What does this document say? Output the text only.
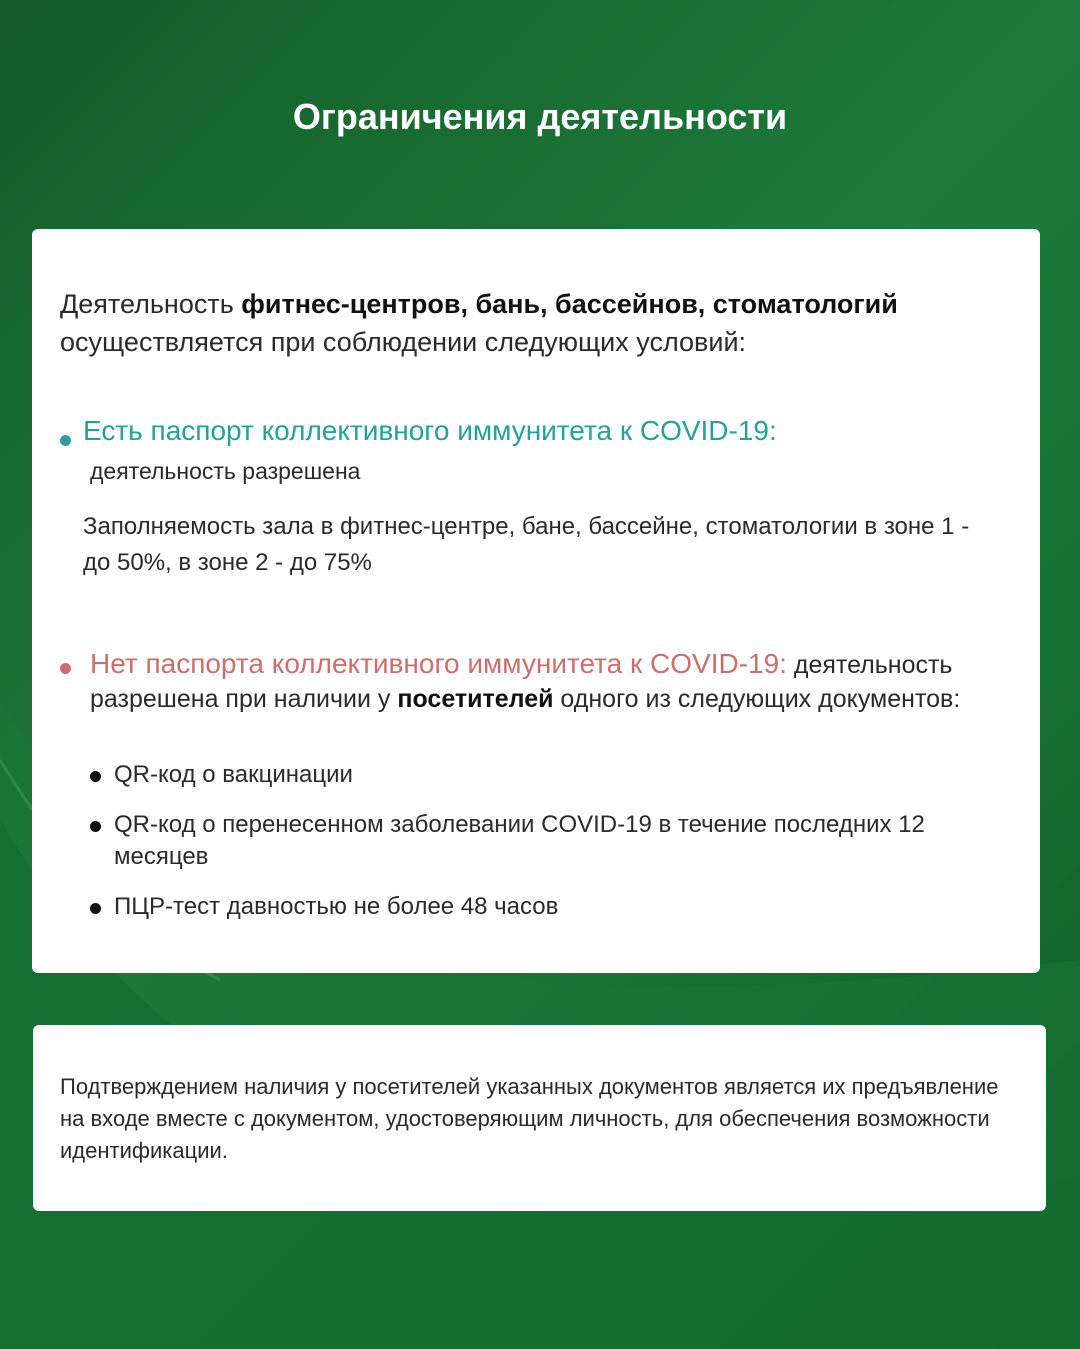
Ограничения деятельности
Деятельность фитнес-центров, бань, бассейнов, стоматологий осуществляется при соблюдении следующих условий:
Есть паспорт коллективного иммунитета к COVID-19:
деятельность разрешена
Заполняемость зала в фитнес-центре, бане, бассейне, стоматологии в зоне 1 - до 50%, в зоне 2 - до 75%
Нет паспорта коллективного иммунитета к COVID-19: деятельность разрешена при наличии у посетителей одного из следующих документов:
QR-код о вакцинации
QR-код о перенесенном заболевании COVID-19 в течение последних 12 месяцев
ПЦР-тест давностью не более 48 часов
Подтверждением наличия у посетителей указанных документов является их предъявление на входе вместе с документом, удостоверяющим личность, для обеспечения возможности идентификации.
